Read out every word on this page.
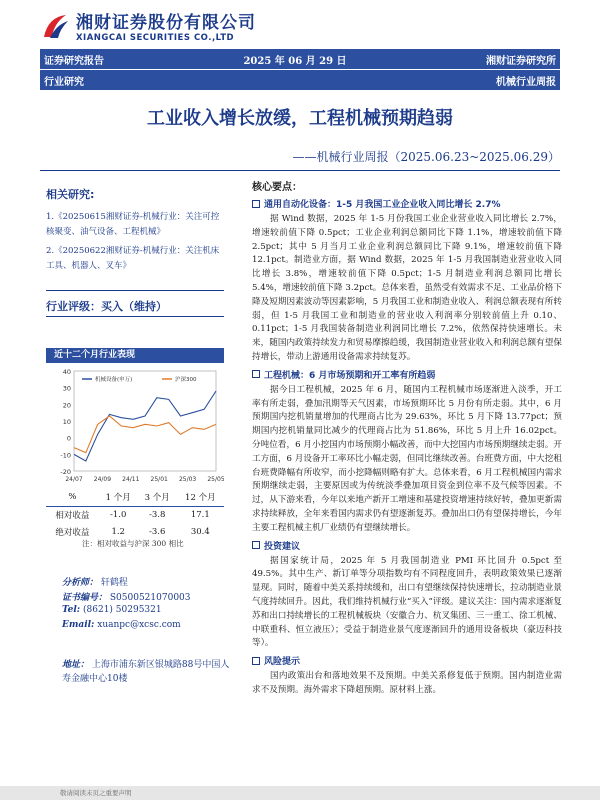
湘财证券股份有限公司
XIANGCAI SECURITIES CO.,LTD
证券研究报告	2025 年 06 月 29 日	湘财证券研究所
行业研究	机械行业周报
工业收入增长放缓，工程机械预期趋弱
——机械行业周报（2025.06.23~2025.06.29）
相关研究:
1.《20250615湘财证券-机械行业：关注可控核聚变、油气设备、工程机械》
2.《20250622湘财证券-机械行业：关注机床工具、机器人、叉车》
行业评级：买入（维持）
近十二个月行业表现
40
30
20
10
0
-10
-20
24/07 24/09 24/11 25/01 25/03 25/05
机械设备(申万)	沪深300
%	1 个月	3 个月	12 个月
相对收益	-1.0	-3.8	17.1
绝对收益	1.2	-3.6	30.4
注：相对收益与沪深 300 相比
分析师： 轩鹤程
证书编号： S0500521070003
Tel: (8621) 50295321
Email: xuanpc@xcsc.com
地址： 上海市浦东新区银城路88号中国人寿金融中心10楼
核心要点：
通用自动化设备：1-5 月我国工业企业收入同比增长 2.7%

据 Wind 数据，2025 年 1-5 月份我国工业企业营业收入同比增长 2.7%，增速较前值下降 0.5pct；工业企业利润总额同比下降 1.1%，增速较前值下降 2.5pct；其中 5 月当月工业企业利润总额同比下降 9.1%，增速较前值下降 12.1pct。制造业方面，据 Wind 数据，2025 年 1-5 月我国制造业营业收入同比增长 3.8%，增速较前值下降 0.5pct；1-5 月制造业利润总额同比增长 5.4%，增速较前值下降 3.2pct。总体来看，虽然受有效需求不足、工业品价格下降及短期因素波动等因素影响，5 月我国工业和制造业收入、利润总额表现有所转弱，但 1-5 月我国工业和制造业的营业收入利润率分别较前值上升 0.10、0.11pct；1-5 月我国装备制造业利润同比增长 7.2%，依然保持快速增长。未来，随国内政策持续发力和贸易摩擦趋缓，我国制造业营业收入和利润总额有望保持增长，带动上游通用设备需求持续复苏。

工程机械：6 月市场预期和开工率有所趋弱

据今日工程机械，2025 年 6 月，随国内工程机械市场逐渐进入淡季，开工率有所走弱，叠加汛期等天气因素，市场预期环比 5 月份有所走弱。其中，6 月预期国内挖机销量增加的代理商占比为 29.63%，环比 5 月下降 13.77pct；预期国内挖机销量同比减少的代理商占比为 51.86%，环比 5 月上升 16.02pct。分吨位看，6 月小挖国内市场预期小幅改善，而中大挖国内市场预期继续走弱。开工方面，6 月设备开工率环比小幅走弱，但同比继续改善。台班费方面，中大挖租台班费降幅有所收窄，而小挖降幅则略有扩大。总体来看，6 月工程机械国内需求预期继续走弱，主要原因或为传统淡季叠加项目资金到位率不及气候等因素。不过，从下游来看，今年以来地产新开工增速和基建投资增速持续好转，叠加更新需求持续释放，全年来看国内需求仍有望逐渐复苏。叠加出口仍有望保持增长，今年主要工程机械主机厂业绩仍有望继续增长。

投资建议

据国家统计局，2025 年 5 月我国制造业 PMI 环比回升 0.5pct 至 49.5%。其中生产、新订单等分项指数均有不同程度回升，表明政策效果已逐渐显现。同时，随着中美关系持续缓和，出口有望继续保持快速增长，拉动制造业景气度持续回升。因此，我们维持机械行业“买入”评级。建议关注：国内需求逐渐复苏和出口持续增长的工程机械板块（安徽合力、杭叉集团、三一重工、徐工机械、中联重科、恒立液压）；受益于制造业景气度逐渐回升的通用设备板块（豪迈科技等）。

风险提示

国内政策出台和落地效果不及预期。中美关系修复低于预期。国内制造业需求不及预期。海外需求下降超预期。原材料上涨。

敬请阅读末页之重要声明
